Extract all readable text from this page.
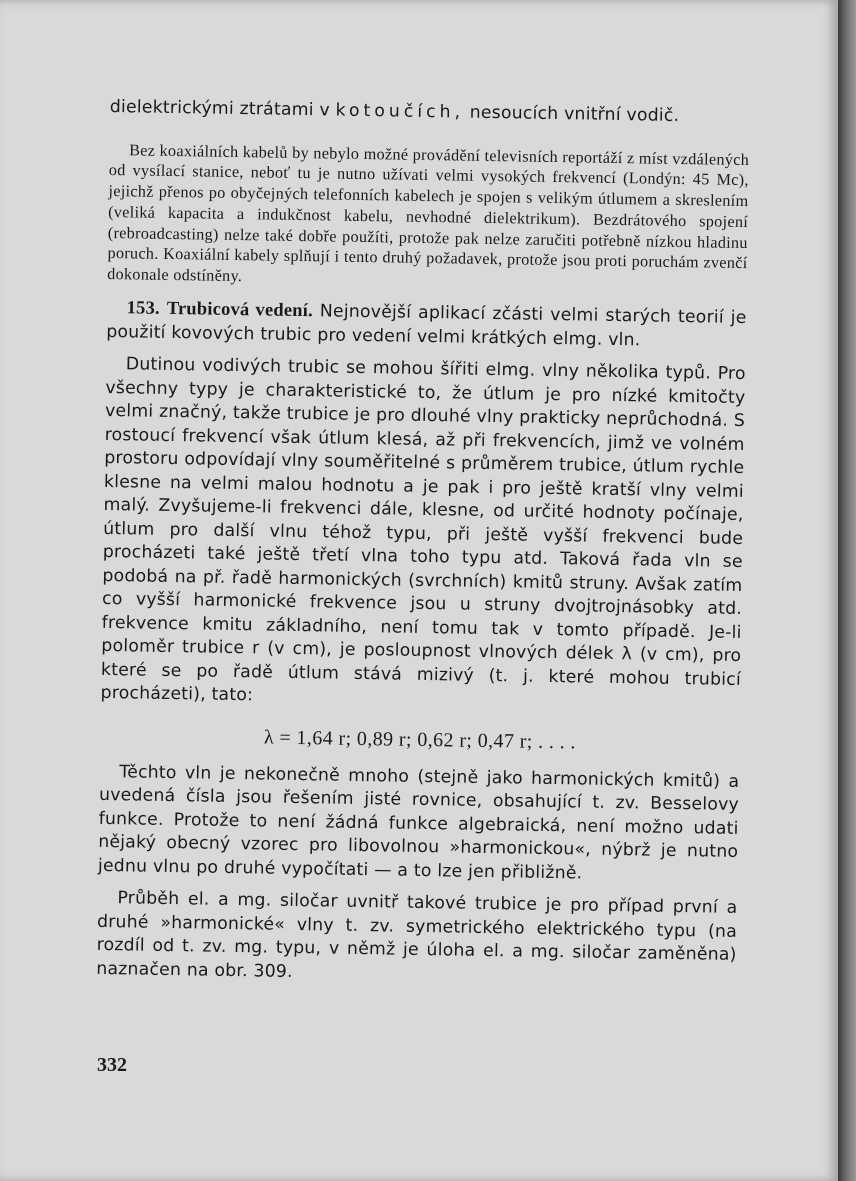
dielektrickými ztrátami v kotoučích, nesoucích vnitřní vodič.

Bez koaxiálních kabelů by nebylo možné provádění televisních reportáží z míst vzdálených od vysílací stanice, neboť tu je nutno užívati velmi vysokých frekvencí (Londýn: 45 Mc), jejichž přenos po obyčejných telefonních kabelech je spojen s velikým útlumem a skreslením (veliká kapacita a indukčnost kabelu, nevhodné dielektrikum). Bezdrátového spojení (rebroadcasting) nelze také dobře použíti, protože pak nelze zaručiti potřebně nízkou hladinu poruch. Koaxiální kabely splňují i tento druhý požadavek, protože jsou proti poruchám zvenčí dokonale odstíněny.

153. Trubicová vedení. Nejnovější aplikací zčásti velmi starých teorií je použití kovových trubic pro vedení velmi krátkých elmg. vln.

Dutinou vodivých trubic se mohou šířiti elmg. vlny několika typů. Pro všechny typy je charakteristické to, že útlum je pro nízké kmitočty velmi značný, takže trubice je pro dlouhé vlny prakticky neprůchodná. S rostoucí frekvencí však útlum klesá, až při frekvencích, jimž ve volném prostoru odpovídají vlny souměřitelné s průměrem trubice, útlum rychle klesne na velmi malou hodnotu a je pak i pro ještě kratší vlny velmi malý. Zvyšujeme-li frekvenci dále, klesne, od určité hodnoty počínaje, útlum pro další vlnu téhož typu, při ještě vyšší frekvenci bude procházeti také ještě třetí vlna toho typu atd. Taková řada vln se podobá na př. řadě harmonických (svrchních) kmitů struny. Avšak zatím co vyšší harmonické frekvence jsou u struny dvojtrojnásobky atd. frekvence kmitu základního, není tomu tak v tomto případě. Je-li poloměr trubice r (v cm), je posloupnost vlnových délek λ (v cm), pro které se po řadě útlum stává mizivý (t. j. které mohou trubicí procházeti), tato:

λ = 1,64 r; 0,89 r; 0,62 r; 0,47 r; . . . .

Těchto vln je nekonečně mnoho (stejně jako harmonických kmitů) a uvedená čísla jsou řešením jisté rovnice, obsahující t. zv. Besselovy funkce. Protože to není žádná funkce algebraická, není možno udati nějaký obecný vzorec pro libovolnou »harmonickou«, nýbrž je nutno jednu vlnu po druhé vypočítati — a to lze jen přibližně.

Průběh el. a mg. siločar uvnitř takové trubice je pro případ první a druhé »harmonické« vlny t. zv. symetrického elektrického typu (na rozdíl od t. zv. mg. typu, v němž je úloha el. a mg. siločar zaměněna) naznačen na obr. 309.

332
